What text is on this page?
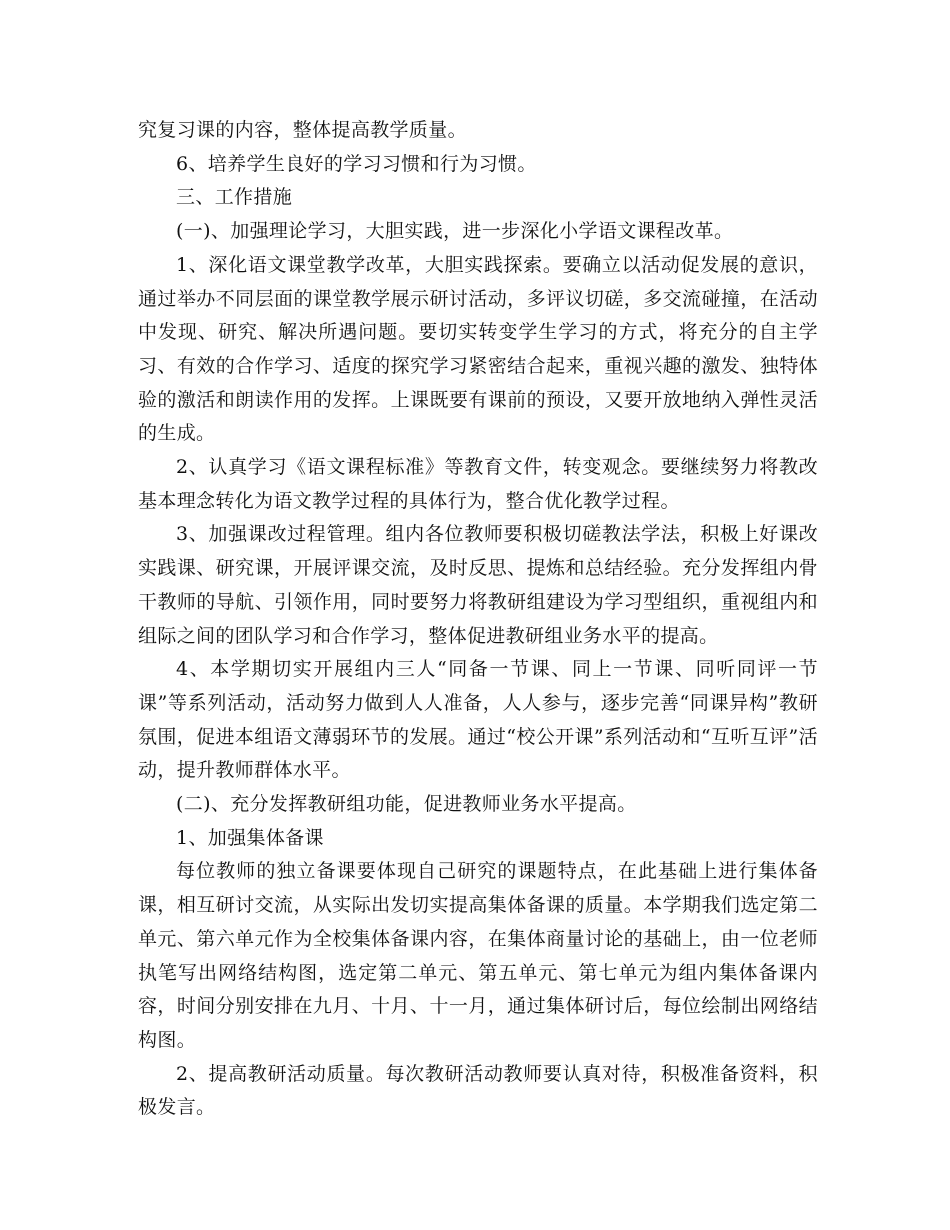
究复习课的内容，整体提高教学质量。

6、培养学生良好的学习习惯和行为习惯。

三、工作措施

(一)、加强理论学习，大胆实践，进一步深化小学语文课程改革。

1、深化语文课堂教学改革，大胆实践探索。要确立以活动促发展的意识，通过举办不同层面的课堂教学展示研讨活动，多评议切磋，多交流碰撞，在活动中发现、研究、解决所遇问题。要切实转变学生学习的方式，将充分的自主学习、有效的合作学习、适度的探究学习紧密结合起来，重视兴趣的激发、独特体验的激活和朗读作用的发挥。上课既要有课前的预设，又要开放地纳入弹性灵活的生成。

2、认真学习《语文课程标准》等教育文件，转变观念。要继续努力将教改基本理念转化为语文教学过程的具体行为，整合优化教学过程。

3、加强课改过程管理。组内各位教师要积极切磋教法学法，积极上好课改实践课、研究课，开展评课交流，及时反思、提炼和总结经验。充分发挥组内骨干教师的导航、引领作用，同时要努力将教研组建设为学习型组织，重视组内和组际之间的团队学习和合作学习，整体促进教研组业务水平的提高。

4、本学期切实开展组内三人“同备一节课、同上一节课、同听同评一节课”等系列活动，活动努力做到人人准备，人人参与，逐步完善“同课异构”教研氛围，促进本组语文薄弱环节的发展。通过“校公开课”系列活动和“互听互评”活动，提升教师群体水平。

(二)、充分发挥教研组功能，促进教师业务水平提高。

1、加强集体备课

每位教师的独立备课要体现自己研究的课题特点，在此基础上进行集体备课，相互研讨交流，从实际出发切实提高集体备课的质量。本学期我们选定第二单元、第六单元作为全校集体备课内容，在集体商量讨论的基础上，由一位老师执笔写出网络结构图，选定第二单元、第五单元、第七单元为组内集体备课内容，时间分别安排在九月、十月、十一月，通过集体研讨后，每位绘制出网络结构图。

2、提高教研活动质量。每次教研活动教师要认真对待，积极准备资料，积极发言。
